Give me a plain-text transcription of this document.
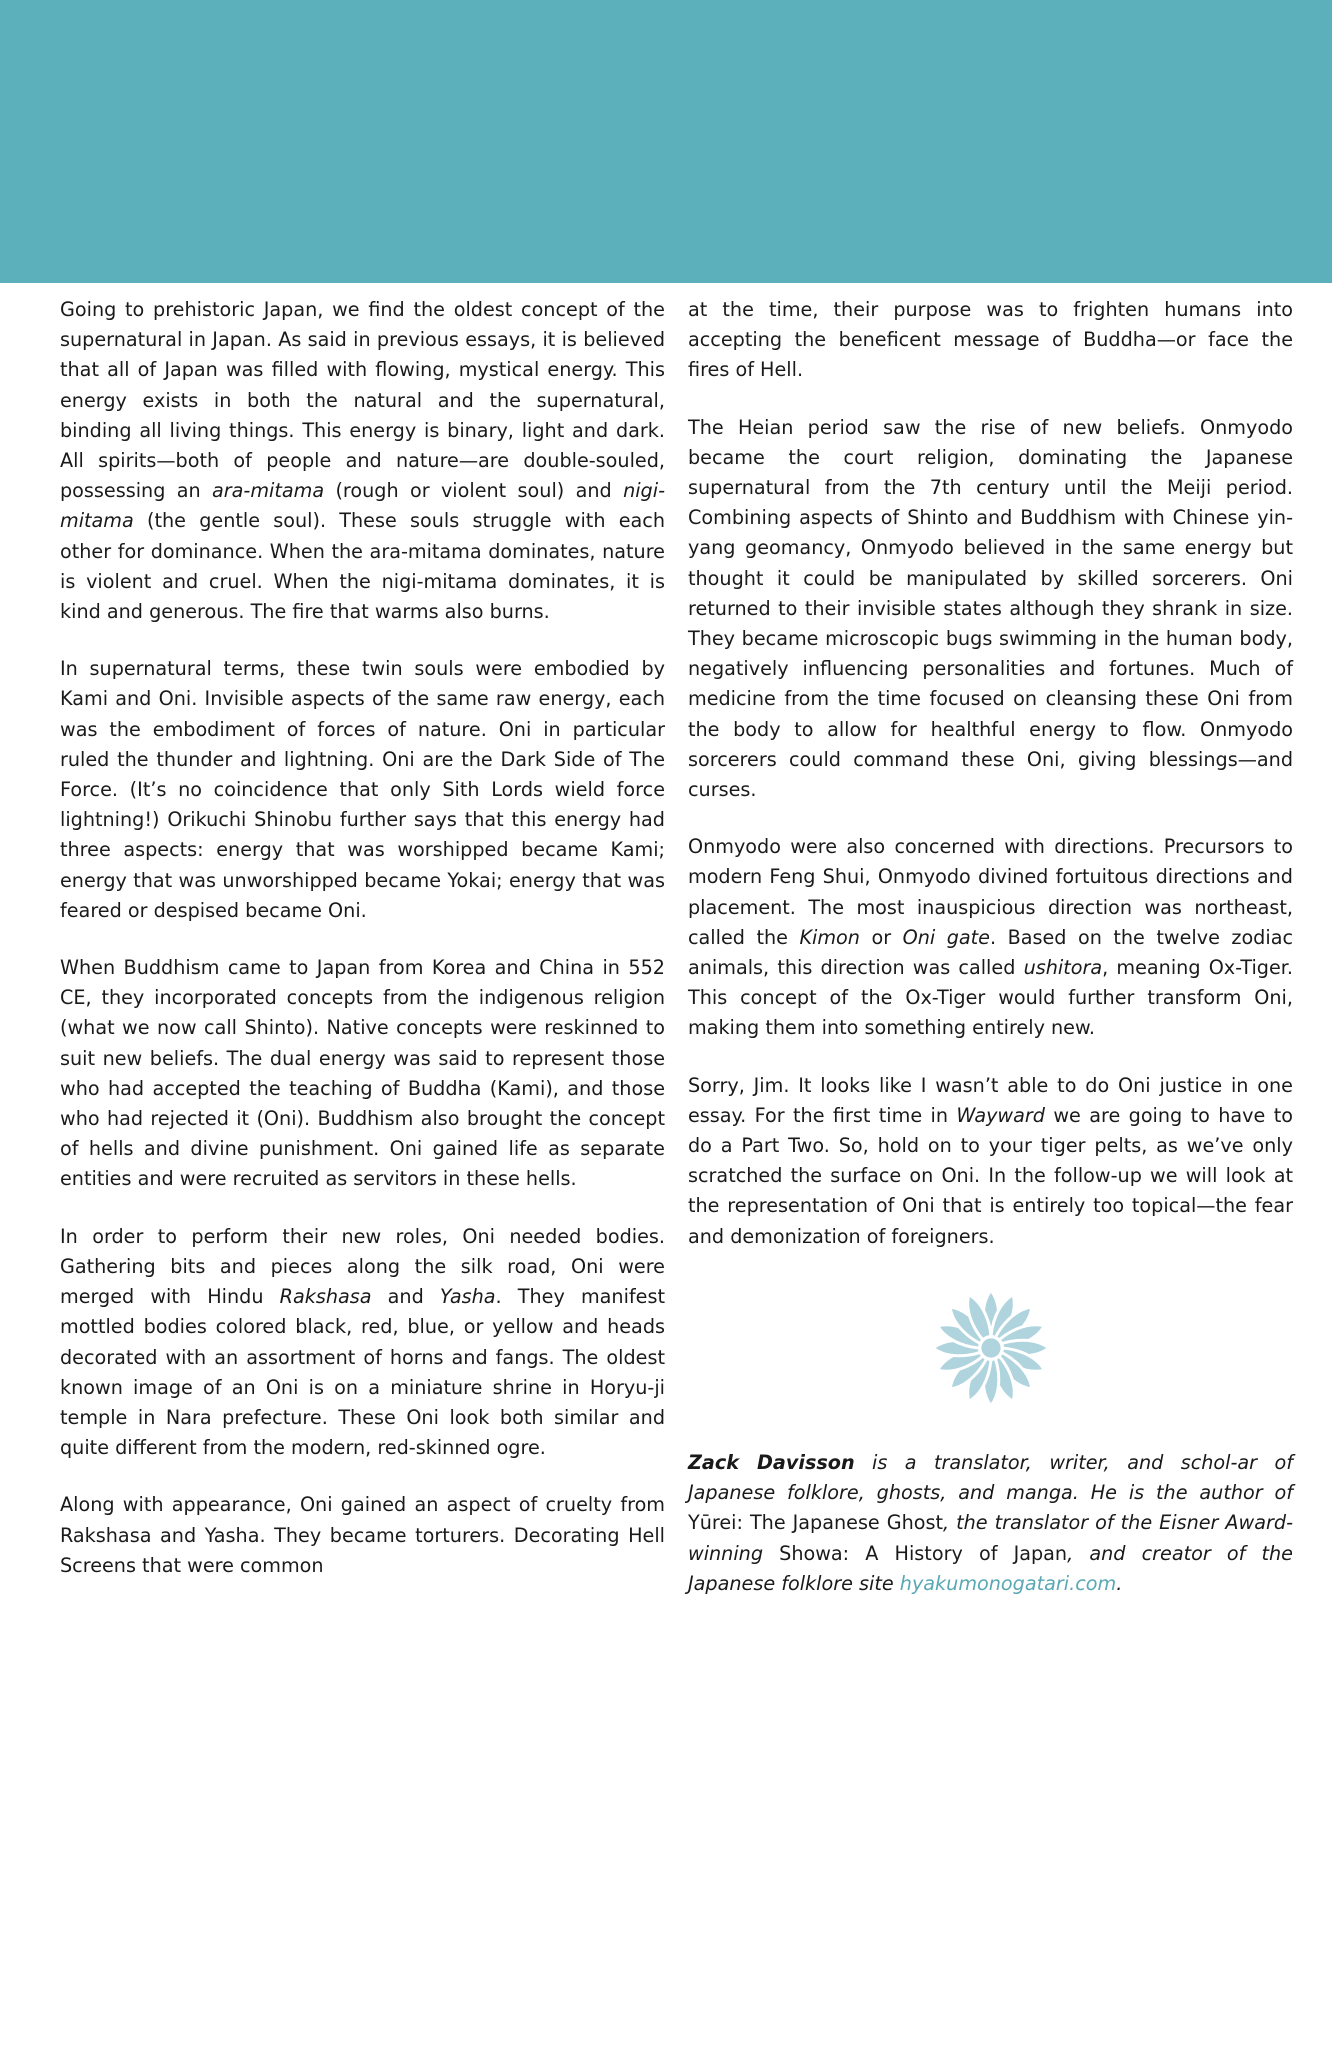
Going to prehistoric Japan, we find the oldest concept of the supernatural in Japan. As said in previous essays, it is believed that all of Japan was filled with flowing, mystical energy. This energy exists in both the natural and the supernatural, binding all living things. This energy is binary, light and dark. All spirits—both of people and nature—are double-souled, possessing an ara-mitama (rough or violent soul) and nigi-mitama (the gentle soul). These souls struggle with each other for dominance. When the ara-mitama dominates, nature is violent and cruel. When the nigi-mitama dominates, it is kind and generous. The fire that warms also burns.

In supernatural terms, these twin souls were embodied by Kami and Oni. Invisible aspects of the same raw energy, each was the embodiment of forces of nature. Oni in particular ruled the thunder and lightning. Oni are the Dark Side of The Force. (It’s no coincidence that only Sith Lords wield force lightning!) Orikuchi Shinobu further says that this energy had three aspects: energy that was worshipped became Kami; energy that was unworshipped became Yokai; energy that was feared or despised became Oni.

When Buddhism came to Japan from Korea and China in 552 CE, they incorporated concepts from the indigenous religion (what we now call Shinto). Native concepts were reskinned to suit new beliefs. The dual energy was said to represent those who had accepted the teaching of Buddha (Kami), and those who had rejected it (Oni). Buddhism also brought the concept of hells and divine punishment. Oni gained life as separate entities and were recruited as servitors in these hells.

In order to perform their new roles, Oni needed bodies. Gathering bits and pieces along the silk road, Oni were merged with Hindu Rakshasa and Yasha. They manifest mottled bodies colored black, red, blue, or yellow and heads decorated with an assortment of horns and fangs. The oldest known image of an Oni is on a miniature shrine in Horyu-ji temple in Nara prefecture. These Oni look both similar and quite different from the modern, red-skinned ogre.

Along with appearance, Oni gained an aspect of cruelty from Rakshasa and Yasha. They became torturers. Decorating Hell Screens that were common

at the time, their purpose was to frighten humans into accepting the beneficent message of Buddha—or face the fires of Hell.

The Heian period saw the rise of new beliefs. Onmyodo became the court religion, dominating the Japanese supernatural from the 7th century until the Meiji period. Combining aspects of Shinto and Buddhism with Chinese yin-yang geomancy, Onmyodo believed in the same energy but thought it could be manipulated by skilled sorcerers. Oni returned to their invisible states although they shrank in size. They became microscopic bugs swimming in the human body, negatively influencing personalities and fortunes. Much of medicine from the time focused on cleansing these Oni from the body to allow for healthful energy to flow. Onmyodo sorcerers could command these Oni, giving blessings—and curses.

Onmyodo were also concerned with directions. Precursors to modern Feng Shui, Onmyodo divined fortuitous directions and placement. The most inauspicious direction was northeast, called the Kimon or Oni gate. Based on the twelve zodiac animals, this direction was called ushitora, meaning Ox-Tiger. This concept of the Ox-Tiger would further transform Oni, making them into something entirely new.

Sorry, Jim. It looks like I wasn’t able to do Oni justice in one essay. For the first time in Wayward we are going to have to do a Part Two. So, hold on to your tiger pelts, as we’ve only scratched the surface on Oni. In the follow-up we will look at the representation of Oni that is entirely too topical—the fear and demonization of foreigners.

Zack Davisson is a translator, writer, and schol-ar of Japanese folklore, ghosts, and manga. He is the author of Yūrei: The Japanese Ghost, the translator of the Eisner Award-winning Showa: A History of Japan, and creator of the Japanese folklore site hyakumonogatari.com.
